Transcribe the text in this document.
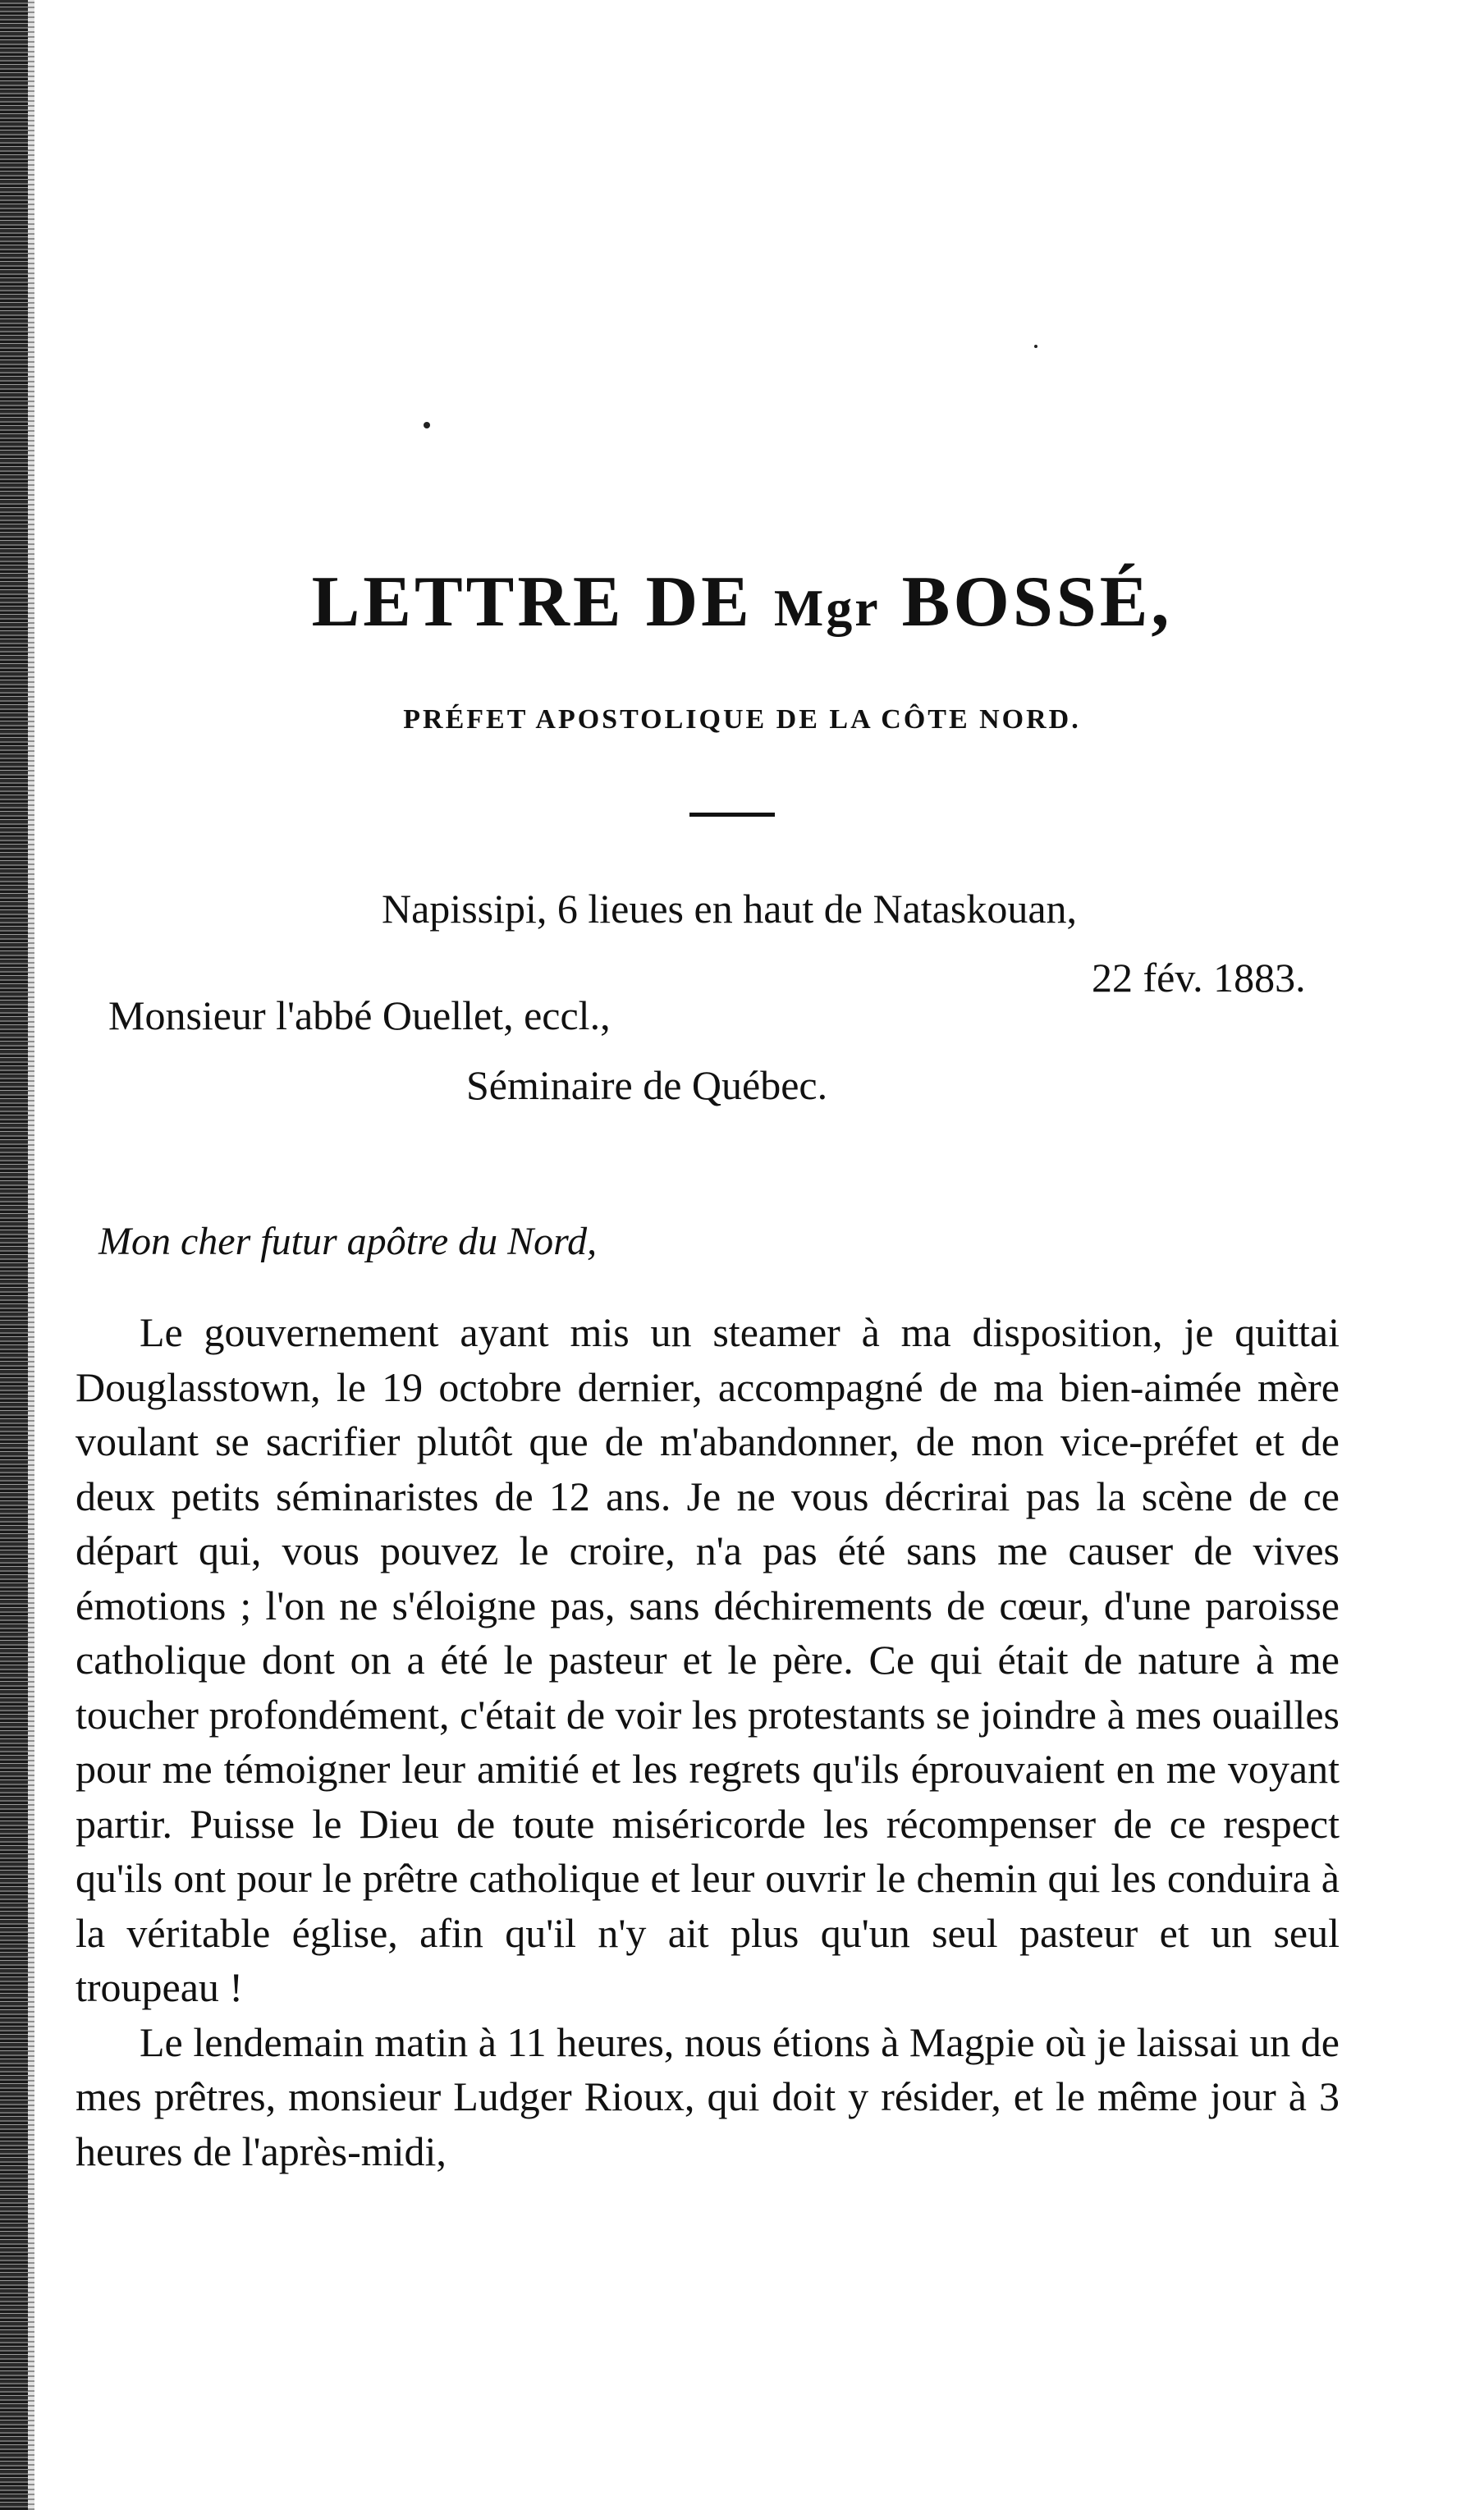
LETTRE DE Mgr BOSSÉ,
PRÉFET APOSTOLIQUE DE LA CÔTE NORD.
Napissipi, 6 lieues en haut de Nataskouan,
22 fév. 1883.
Monsieur l'abbé Ouellet, eccl.,
Séminaire de Québec.
Mon cher futur apôtre du Nord,

Le gouvernement ayant mis un steamer à ma disposition, je quittai Douglasstown, le 19 octobre dernier, accompagné de ma bien-aimée mère voulant se sacrifier plutôt que de m'abandonner, de mon vice-préfet et de deux petits séminaristes de 12 ans. Je ne vous décrirai pas la scène de ce départ qui, vous pouvez le croire, n'a pas été sans me causer de vives émotions ; l'on ne s'éloigne pas, sans déchirements de cœur, d'une paroisse catholique dont on a été le pasteur et le père. Ce qui était de nature à me toucher profondément, c'était de voir les protestants se joindre à mes ouailles pour me témoigner leur amitié et les regrets qu'ils éprouvaient en me voyant partir. Puisse le Dieu de toute miséricorde les récompenser de ce respect qu'ils ont pour le prêtre catholique et leur ouvrir le chemin qui les conduira à la véritable église, afin qu'il n'y ait plus qu'un seul pasteur et un seul troupeau !

Le lendemain matin à 11 heures, nous étions à Magpie où je laissai un de mes prêtres, monsieur Ludger Rioux, qui doit y résider, et le même jour à 3 heures de l'après-midi,
